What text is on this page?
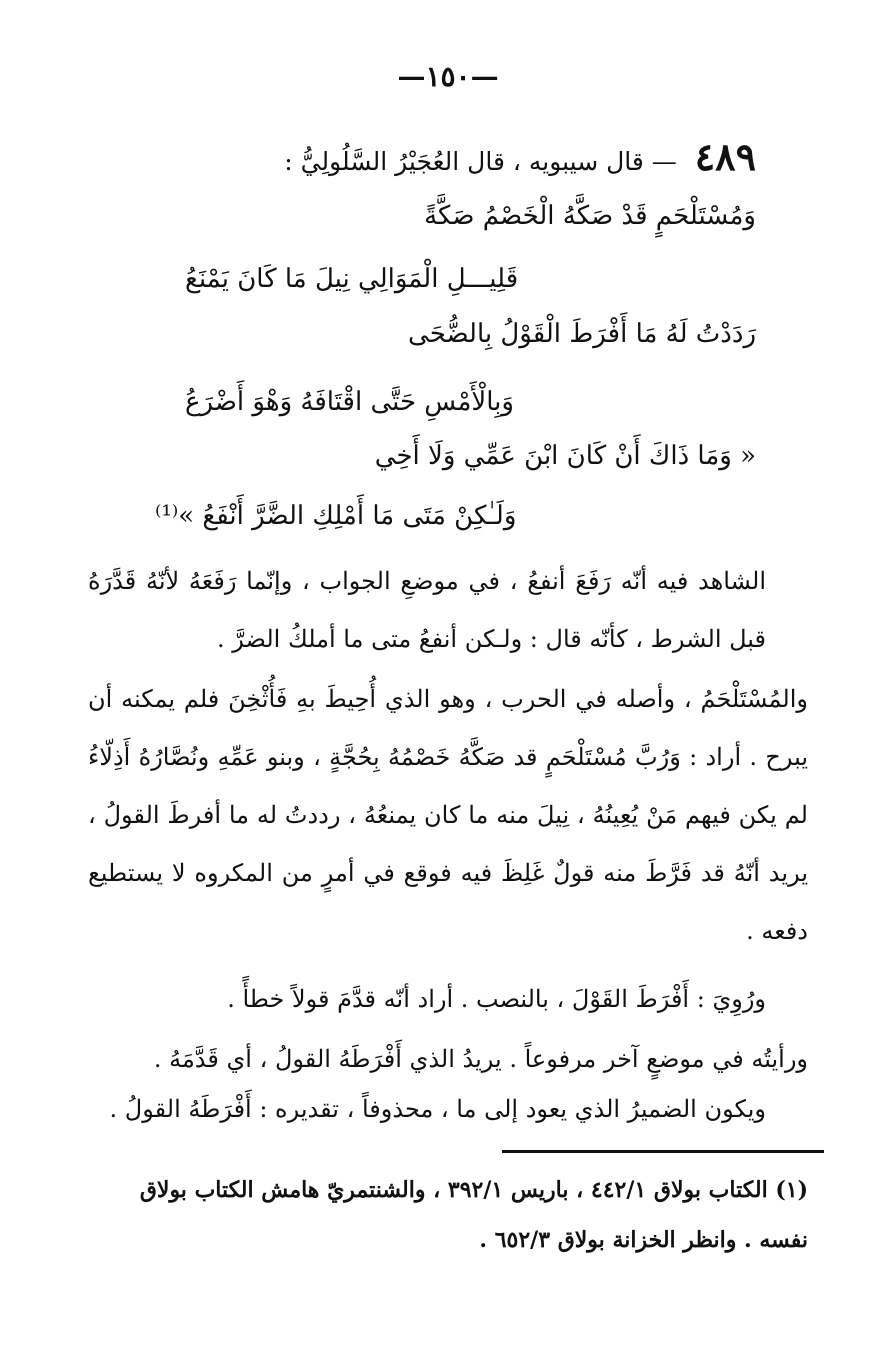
—١٥٠—
٤٨٩ — قال سيبويه ، قال العُجَيْرُ السَّلُولِيُّ :
وَمُسْتَلْحَمٍ قَدْ صَكَّهُ الْخَصْمُ صَكَّةً
قَلِيـــلِ الْمَوَالِي نِيلَ مَا كَانَ يَمْنَعُ
رَدَدْتُ لَهُ مَا أَفْرَطَ الْقَوْلُ بِالضُّحَى
وَبِالْأَمْسِ حَتَّى اقْتَافَهُ وَهْوَ أَضْرَعُ
« وَمَا ذَاكَ أَنْ كَانَ ابْنَ عَمِّي وَلَا أَخِي
وَلَـٰكِنْ مَتَى مَا أَمْلِكِ الضَّرَّ أَنْفَعُ »⁽¹⁾
الشاهد فيه أنّه رَفَعَ أنفعُ ، في موضعِ الجواب ، وإنّما رَفَعَهُ لأنّهُ قَدَّرَهُ قبل الشرط ، كأنّه قال : ولـكن أنفعُ متى ما أملكُ الضرَّ .
والمُسْتَلْحَمُ ، وأصله في الحرب ، وهو الذي أُحِيطَ بهِ فَأُثْخِنَ فلم يمكنه أن يبرح . أراد : وَرُبَّ مُسْتَلْحَمٍ قد صَكَّهُ خَصْمُهُ بِحُجَّةٍ ، وبنو عَمِّهِ ونُصَّارُهُ أَذِلّاءُ لم يكن فيهم مَنْ يُعِينُهُ ، نِيلَ منه ما كان يمنعُهُ ، رددتُ له ما أفرطَ القولُ ، يريد أنّهُ قد فَرَّطَ منه قولٌ غَلِظَ فيه فوقع في أمرٍ من المكروه لا يستطيع دفعه .
ورُوِيَ : أَفْرَطَ القَوْلَ ، بالنصب . أراد أنّه قدَّمَ قولاً خطأً .
ورأيتُه في موضعٍ آخر مرفوعاً . يريدُ الذي أَفْرَطَهُ القولُ ، أي قَدَّمَهُ .
ويكون الضميرُ الذي يعود إلى ما ، محذوفاً ، تقديره : أَفْرَطَهُ القولُ .
(١) الكتاب بولاق ٤٤٢/١ ، باريس ٣٩٢/١ ، والشنتمريّ هامش الكتاب بولاق نفسه . وانظر الخزانة بولاق ٦٥٢/٣ .
